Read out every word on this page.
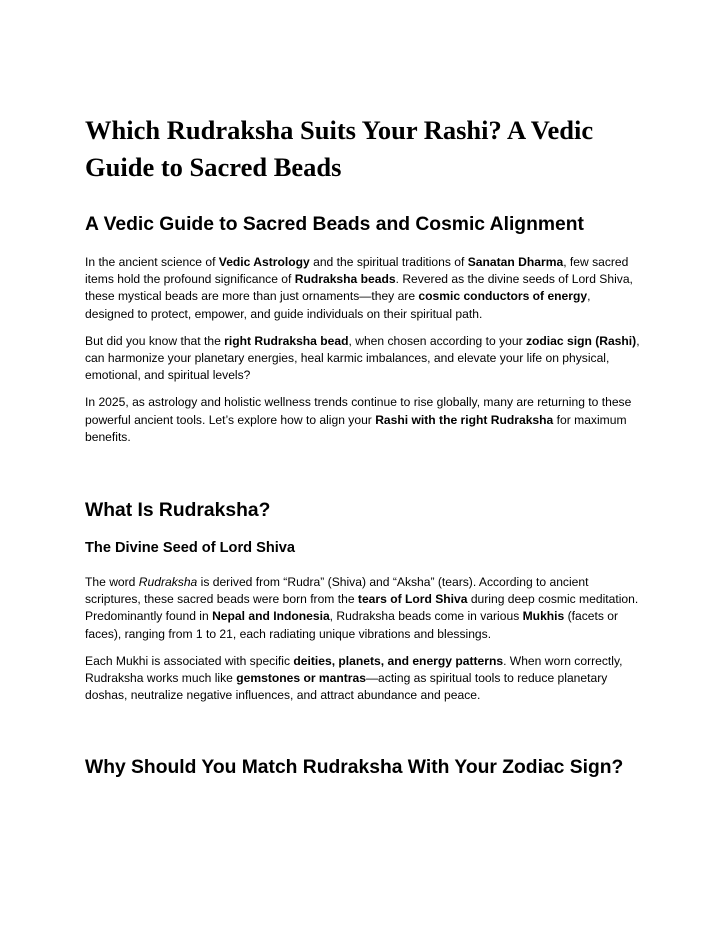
Which Rudraksha Suits Your Rashi? A Vedic Guide to Sacred Beads
A Vedic Guide to Sacred Beads and Cosmic Alignment

In the ancient science of Vedic Astrology and the spiritual traditions of Sanatan Dharma, few sacred items hold the profound significance of Rudraksha beads. Revered as the divine seeds of Lord Shiva, these mystical beads are more than just ornaments—they are cosmic conductors of energy, designed to protect, empower, and guide individuals on their spiritual path.

But did you know that the right Rudraksha bead, when chosen according to your zodiac sign (Rashi), can harmonize your planetary energies, heal karmic imbalances, and elevate your life on physical, emotional, and spiritual levels?

In 2025, as astrology and holistic wellness trends continue to rise globally, many are returning to these powerful ancient tools. Let’s explore how to align your Rashi with the right Rudraksha for maximum benefits.

What Is Rudraksha?
The Divine Seed of Lord Shiva

The word Rudraksha is derived from “Rudra” (Shiva) and “Aksha” (tears). According to ancient scriptures, these sacred beads were born from the tears of Lord Shiva during deep cosmic meditation. Predominantly found in Nepal and Indonesia, Rudraksha beads come in various Mukhis (facets or faces), ranging from 1 to 21, each radiating unique vibrations and blessings.

Each Mukhi is associated with specific deities, planets, and energy patterns. When worn correctly, Rudraksha works much like gemstones or mantras—acting as spiritual tools to reduce planetary doshas, neutralize negative influences, and attract abundance and peace.

Why Should You Match Rudraksha With Your Zodiac Sign?
